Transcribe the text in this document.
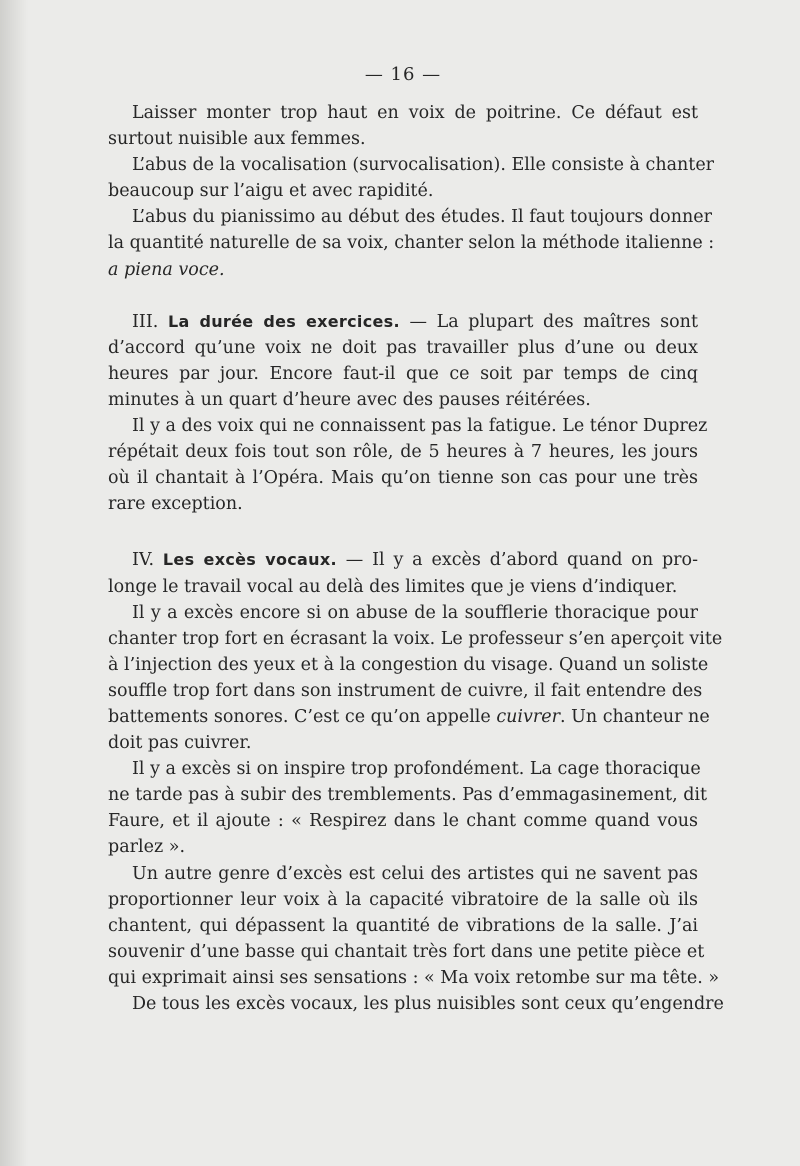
— 16 —
Laisser monter trop haut en voix de poitrine. Ce défaut est
surtout nuisible aux femmes.
L’abus de la vocalisation (survocalisation). Elle consiste à chanter
beaucoup sur l’aigu et avec rapidité.
L’abus du pianissimo au début des études. Il faut toujours donner
la quantité naturelle de sa voix, chanter selon la méthode italienne :
a piena voce.
III. La durée des exercices. — La plupart des maîtres sont
d’accord qu’une voix ne doit pas travailler plus d’une ou deux
heures par jour. Encore faut-il que ce soit par temps de cinq
minutes à un quart d’heure avec des pauses réitérées.
Il y a des voix qui ne connaissent pas la fatigue. Le ténor Duprez
répétait deux fois tout son rôle, de 5 heures à 7 heures, les jours
où il chantait à l’Opéra. Mais qu’on tienne son cas pour une très
rare exception.
IV. Les excès vocaux. — Il y a excès d’abord quand on pro-
longe le travail vocal au delà des limites que je viens d’indiquer.
Il y a excès encore si on abuse de la soufflerie thoracique pour
chanter trop fort en écrasant la voix. Le professeur s’en aperçoit vite
à l’injection des yeux et à la congestion du visage. Quand un soliste
souffle trop fort dans son instrument de cuivre, il fait entendre des
battements sonores. C’est ce qu’on appelle cuivrer. Un chanteur ne
doit pas cuivrer.
Il y a excès si on inspire trop profondément. La cage thoracique
ne tarde pas à subir des tremblements. Pas d’emmagasinement, dit
Faure, et il ajoute : « Respirez dans le chant comme quand vous
parlez ».
Un autre genre d’excès est celui des artistes qui ne savent pas
proportionner leur voix à la capacité vibratoire de la salle où ils
chantent, qui dépassent la quantité de vibrations de la salle. J’ai
souvenir d’une basse qui chantait très fort dans une petite pièce et
qui exprimait ainsi ses sensations : « Ma voix retombe sur ma tête. »
De tous les excès vocaux, les plus nuisibles sont ceux qu’engendre
